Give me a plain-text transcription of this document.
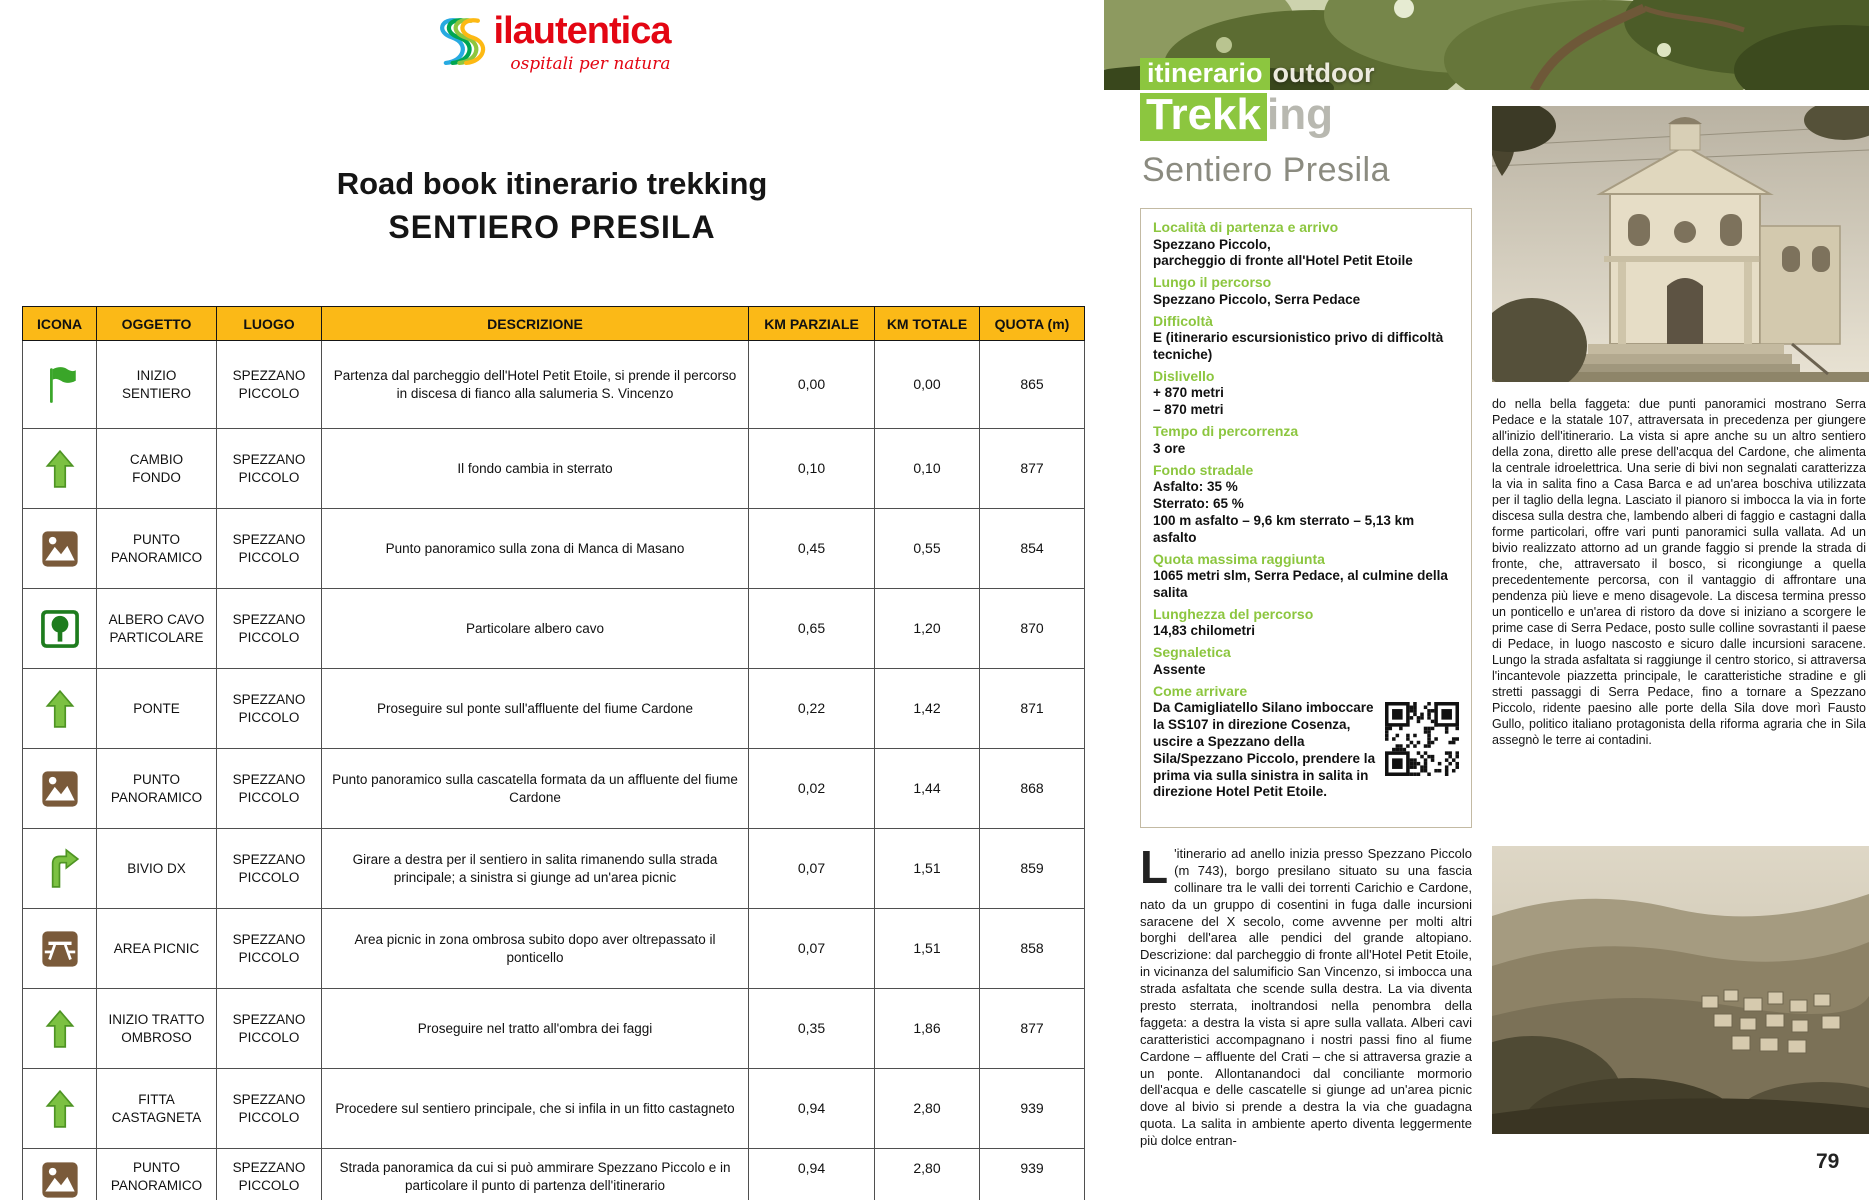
ilautentica
ospitali per natura
Road book itinerario trekking
SENTIERO PRESILA
ICONA	OGGETTO	LUOGO	DESCRIZIONE	KM PARZIALE	KM TOTALE	QUOTA (m)

	INIZIO SENTIERO	SPEZZANO PICCOLO	Partenza dal parcheggio dell'Hotel Petit Etoile, si prende il percorso in discesa di fianco alla salumeria S. Vincenzo	0,00	0,00	865

	CAMBIO FONDO	SPEZZANO PICCOLO	Il fondo cambia in sterrato	0,10	0,10	877

	PUNTO PANORAMICO	SPEZZANO PICCOLO	Punto panoramico sulla zona di Manca di Masano	0,45	0,55	854

	ALBERO CAVO PARTICOLARE	SPEZZANO PICCOLO	Particolare albero cavo	0,65	1,20	870

	PONTE	SPEZZANO PICCOLO	Proseguire sul ponte sull'affluente del fiume Cardone	0,22	1,42	871

	PUNTO PANORAMICO	SPEZZANO PICCOLO	Punto panoramico sulla cascatella formata da un affluente del fiume Cardone	0,02	1,44	868

	BIVIO DX	SPEZZANO PICCOLO	Girare a destra per il sentiero in salita rimanendo sulla strada principale; a sinistra si giunge ad un'area picnic	0,07	1,51	859

	AREA PICNIC	SPEZZANO PICCOLO	Area picnic in zona ombrosa subito dopo aver oltrepassato il ponticello	0,07	1,51	858

	INIZIO TRATTO OMBROSO	SPEZZANO PICCOLO	Proseguire nel tratto all'ombra dei faggi	0,35	1,86	877

	FITTA CASTAGNETA	SPEZZANO PICCOLO	Procedere sul sentiero principale, che si infila in un fitto castagneto	0,94	2,80	939

	PUNTO PANORAMICO	SPEZZANO PICCOLO	Strada panoramica da cui si può ammirare Spezzano Piccolo e in particolare il punto di partenza dell'itinerario	0,94	2,80	939
itinerario outdoor
Trekk ing
Sentiero Presila
Località di partenza e arrivo
Spezzano Piccolo,
parcheggio di fronte all'Hotel Petit Etoile
Lungo il percorso
Spezzano Piccolo, Serra Pedace
Difficoltà
E (itinerario escursionistico privo di difficoltà tecniche)
Dislivello
+ 870 metri
– 870 metri
Tempo di percorrenza
3 ore
Fondo stradale
Asfalto: 35 %
Sterrato: 65 %
100 m asfalto – 9,6 km sterrato – 5,13 km asfalto
Quota massima raggiunta
1065 metri slm, Serra Pedace, al culmine della salita
Lunghezza del percorso
14,83 chilometri
Segnaletica
Assente
Come arrivare
Da Camigliatello Silano imboccare la SS107 in direzione Cosenza, uscire a Spezzano della Sila/Spezzano Piccolo, prendere la prima via sulla sinistra in salita in direzione Hotel Petit Etoile.
do nella bella faggeta: due punti panoramici mostrano Serra Pedace e la statale 107, attraversata in precedenza per giungere all'inizio dell'itinerario. La vista si apre anche su un altro sentiero della zona, diretto alle prese dell'acqua del Cardone, che alimenta la centrale idroelettrica. Una serie di bivi non segnalati caratterizza la via in salita fino a Casa Barca e ad un'area boschiva utilizzata per il taglio della legna. Lasciato il pianoro si imbocca la via in forte discesa sulla destra che, lambendo alberi di faggio e castagni dalla forme particolari, offre vari punti panoramici sulla vallata. Ad un bivio realizzato attorno ad un grande faggio si prende la strada di fronte, che, attraversato il bosco, si ricongiunge a quella precedentemente percorsa, con il vantaggio di affrontare una pendenza più lieve e meno disagevole. La discesa termina presso un ponticello e un'area di ristoro da dove si iniziano a scorgere le prime case di Serra Pedace, posto sulle colline sovrastanti il paese di Pedace, in luogo nascosto e sicuro dalle incursioni saracene. Lungo la strada asfaltata si raggiunge il centro storico, si attraversa l'incantevole piazzetta principale, le caratteristiche stradine e gli stretti passaggi di Serra Pedace, fino a tornare a Spezzano Piccolo, ridente paesino alle porte della Sila dove morì Fausto Gullo, politico italiano protagonista della riforma agraria che in Sila assegnò le terre ai contadini.
L 'itinerario ad anello inizia presso Spezzano Piccolo (m 743), borgo presilano situato su una fascia collinare tra le valli dei torrenti Carichio e Cardone, nato da un gruppo di cosentini in fuga dalle incursioni saracene del X secolo, come avvenne per molti altri borghi dell'area alle pendici del grande altopiano. Descrizione: dal parcheggio di fronte all'Hotel Petit Etoile, in vicinanza del salumificio San Vincenzo, si imbocca una strada asfaltata che scende sulla destra. La via diventa presto sterrata, inoltrandosi nella penombra della faggeta: a destra la vista si apre sulla vallata. Alberi cavi caratteristici accompagnano i nostri passi fino al fiume Cardone – affluente del Crati – che si attraversa grazie a un ponte. Allontanandoci dal conciliante mormorio dell'acqua e delle cascatelle si giunge ad un'area picnic dove al bivio si prende a destra la via che guadagna quota. La salita in ambiente aperto diventa leggermente più dolce entran-
79
